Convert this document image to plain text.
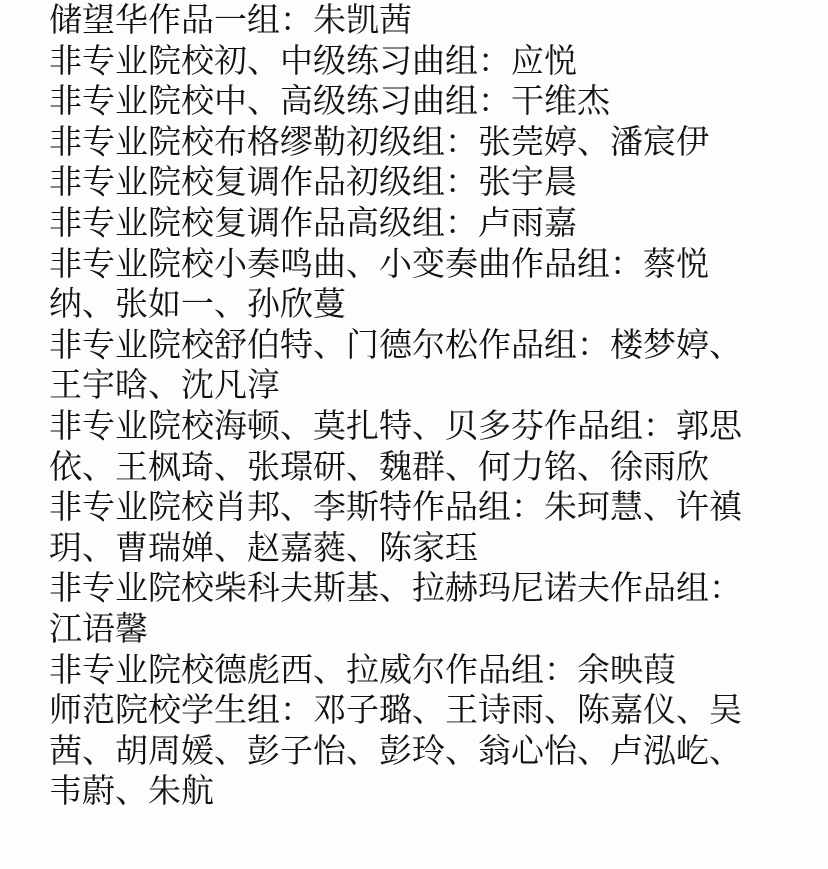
储望华作品一组：朱凯茜

非专业院校初、中级练习曲组：应悦

非专业院校中、高级练习曲组：干维杰

非专业院校布格缪勒初级组：张莞婷、潘宸伊

非专业院校复调作品初级组：张宇晨

非专业院校复调作品高级组：卢雨嘉

非专业院校小奏鸣曲、小变奏曲作品组：蔡悦纳、张如一、孙欣蔓

非专业院校舒伯特、门德尔松作品组：楼梦婷、王宇晗、沈凡淳

非专业院校海顿、莫扎特、贝多芬作品组：郭思依、王枫琦、张璟研、魏群、何力铭、徐雨欣

非专业院校肖邦、李斯特作品组：朱珂慧、许禛玥、曹瑞婵、赵嘉蕤、陈家珏

非专业院校柴科夫斯基、拉赫玛尼诺夫作品组：江语馨

非专业院校德彪西、拉威尔作品组：余映葭

师范院校学生组：邓子璐、王诗雨、陈嘉仪、吴茜、胡周媛、彭子怡、彭玲、翁心怡、卢泓屹、韦蔚、朱航
